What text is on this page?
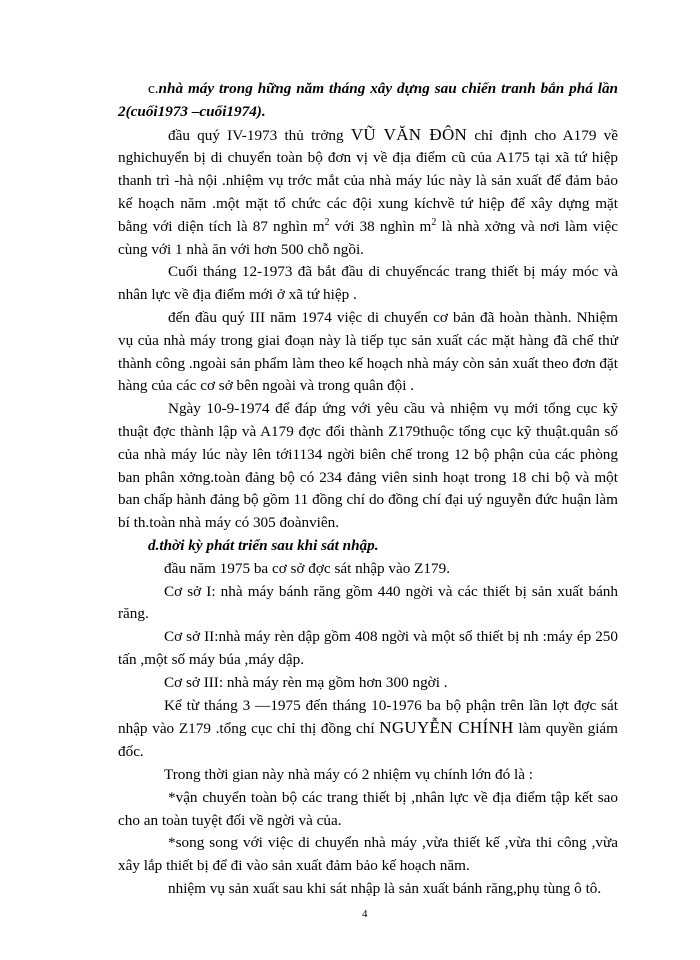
c.nhà máy trong hững năm tháng xây dựng sau chiến tranh bắn phá lần 2(cuối1973 –cuối1974).

đầu quý IV-1973 thủ trởng VŨ VĂN ĐÔN chỉ định cho A179 về nghichuyển bị di chuyển toàn bộ đơn vị về địa điểm cũ của A175 tại xã tứ hiệp thanh trì -hà nội .nhiệm vụ trớc mắt của nhà máy lúc này là sản xuất để đảm bảo kế hoạch năm .một mặt tổ chức các đội xung kíchvề tứ hiệp để xây dựng mặt bằng với diện tích là 87 nghìn $m^2$ với 38 nghìn $m^2$ là nhà xởng và nơi làm việc cùng với 1 nhà ăn với hơn 500 chỗ ngồi.

Cuối tháng 12-1973 đã bắt đầu di chuyểncác trang thiết bị máy móc và nhân lực về địa điểm mới ở xã tứ hiệp .

đến đầu quý III năm 1974 việc di chuyển cơ bản đã hoàn thành. Nhiệm vụ của nhà máy trong giai đoạn này là tiếp tục sản xuất các mặt hàng đã chế thử thành công .ngoài sản phẩm làm theo kế hoạch nhà máy còn sản xuất theo đơn đặt hàng của các cơ sở bên ngoài và trong quân đội .

Ngày 10-9-1974 để đáp ứng với yêu cầu và nhiệm vụ mới tổng cục kỹ thuật đợc thành lập và A179 đợc đổi thành Z179thuộc tổng cục kỹ thuật.quân số của nhà máy lúc này lên tới1134 ngời biên chế trong 12 bộ phận của các phòng ban phân xởng.toàn đảng bộ có 234 đảng viên sinh hoạt trong 18 chi bộ và một ban chấp hành đảng bộ gồm 11 đồng chí do đồng chí đại uý nguyễn đức huận làm bí th.toàn nhà máy có 305 đoànviên.

d.thời kỳ phát triển sau khi sát nhập.

đầu năm 1975 ba cơ sở đợc sát nhập vào Z179.

Cơ sở I: nhà máy bánh răng gồm 440 ngời và các thiết bị sản xuất bánh răng.

Cơ sở II:nhà máy rèn dập gồm 408 ngời và một số thiết bị nh :máy ép 250 tấn ,một số máy búa ,máy dập.

Cơ sở III: nhà máy rèn mạ gồm hơn 300 ngời .

Kể từ tháng 3 —1975 đến tháng 10-1976 ba bộ phận trên lần lợt đợc sát nhập vào Z179 .tổng cục chỉ thị đồng chí NGUYỄN CHÍNH làm quyền giám đốc.

Trong thời gian này nhà máy có 2 nhiệm vụ chính lớn đó là :

*vận chuyển toàn bộ các trang thiết bị ,nhân lực về địa điểm tập kết sao cho an toàn tuyệt đối về ngời và của.

*song song với việc di chuyển nhà máy ,vừa thiết kế ,vừa thi công ,vừa xây lắp thiết bị để đi vào sản xuất đảm bảo kế hoạch năm.

nhiệm vụ sản xuất sau khi sát nhập là sản xuất bánh răng,phụ tùng ô tô.

4
